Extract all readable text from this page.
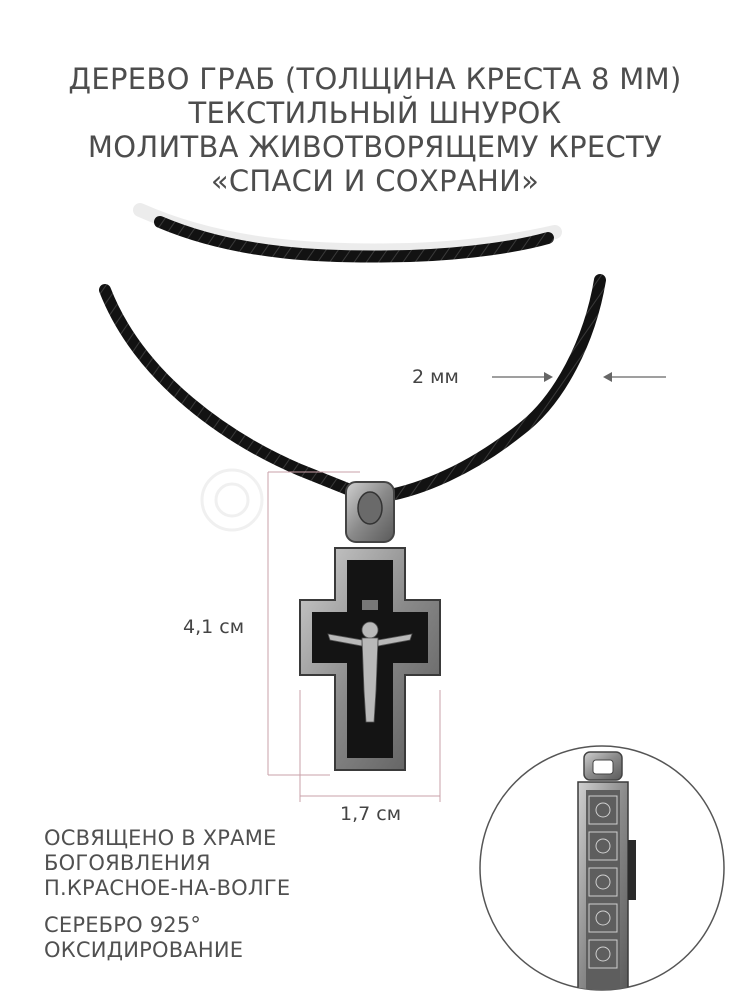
ДЕРЕВО ГРАБ (ТОЛЩИНА КРЕСТА 8 ММ)
ТЕКСТИЛЬНЫЙ ШНУРОК
МОЛИТВА ЖИВОТВОРЯЩЕМУ КРЕСТУ
«СПАСИ И СОХРАНИ»
2 мм
4,1 см
1,7 см
ОСВЯЩЕНО В ХРАМЕ
БОГОЯВЛЕНИЯ
П.КРАСНОЕ-НА-ВОЛГЕ
СЕРЕБРО 925°
ОКСИДИРОВАНИЕ
